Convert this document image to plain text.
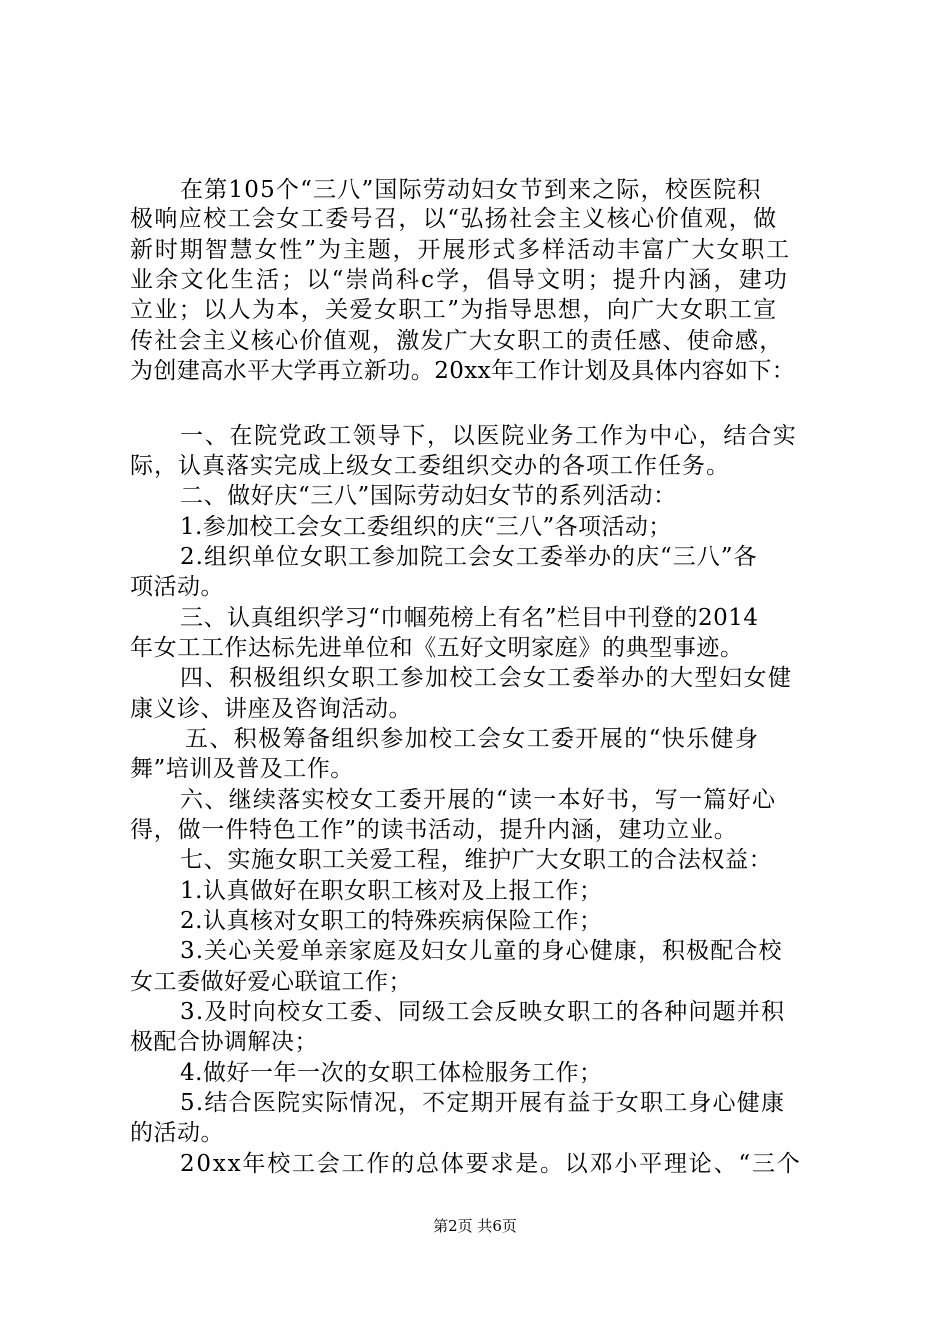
在第105个“三八”国际劳动妇女节到来之际，校医院积
极响应校工会女工委号召，以“弘扬社会主义核心价值观，做
新时期智慧女性”为主题，开展形式多样活动丰富广大女职工
业余文化生活；以“崇尚科c学，倡导文明；提升内涵，建功
立业；以人为本，关爱女职工”为指导思想，向广大女职工宣
传社会主义核心价值观，激发广大女职工的责任感、使命感，
为创建高水平大学再立新功。20xx年工作计划及具体内容如下：
一、在院党政工领导下，以医院业务工作为中心，结合实
际，认真落实完成上级女工委组织交办的各项工作任务。
二、做好庆“三八”国际劳动妇女节的系列活动：
1.参加校工会女工委组织的庆“三八”各项活动；
2.组织单位女职工参加院工会女工委举办的庆“三八”各
项活动。
三、认真组织学习“巾帼苑榜上有名”栏目中刊登的2014
年女工工作达标先进单位和《五好文明家庭》的典型事迹。
四、积极组织女职工参加校工会女工委举办的大型妇女健
康义诊、讲座及咨询活动。
五、积极筹备组织参加校工会女工委开展的“快乐健身
舞”培训及普及工作。
六、继续落实校女工委开展的“读一本好书，写一篇好心
得，做一件特色工作”的读书活动，提升内涵，建功立业。
七、实施女职工关爱工程，维护广大女职工的合法权益：
1.认真做好在职女职工核对及上报工作；
2.认真核对女职工的特殊疾病保险工作；
3.关心关爱单亲家庭及妇女儿童的身心健康，积极配合校
女工委做好爱心联谊工作；
3.及时向校女工委、同级工会反映女职工的各种问题并积
极配合协调解决；
4.做好一年一次的女职工体检服务工作；
5.结合医院实际情况，不定期开展有益于女职工身心健康
的活动。
20xx年校工会工作的总体要求是。以邓小平理论、“三个
第2页 共6页
